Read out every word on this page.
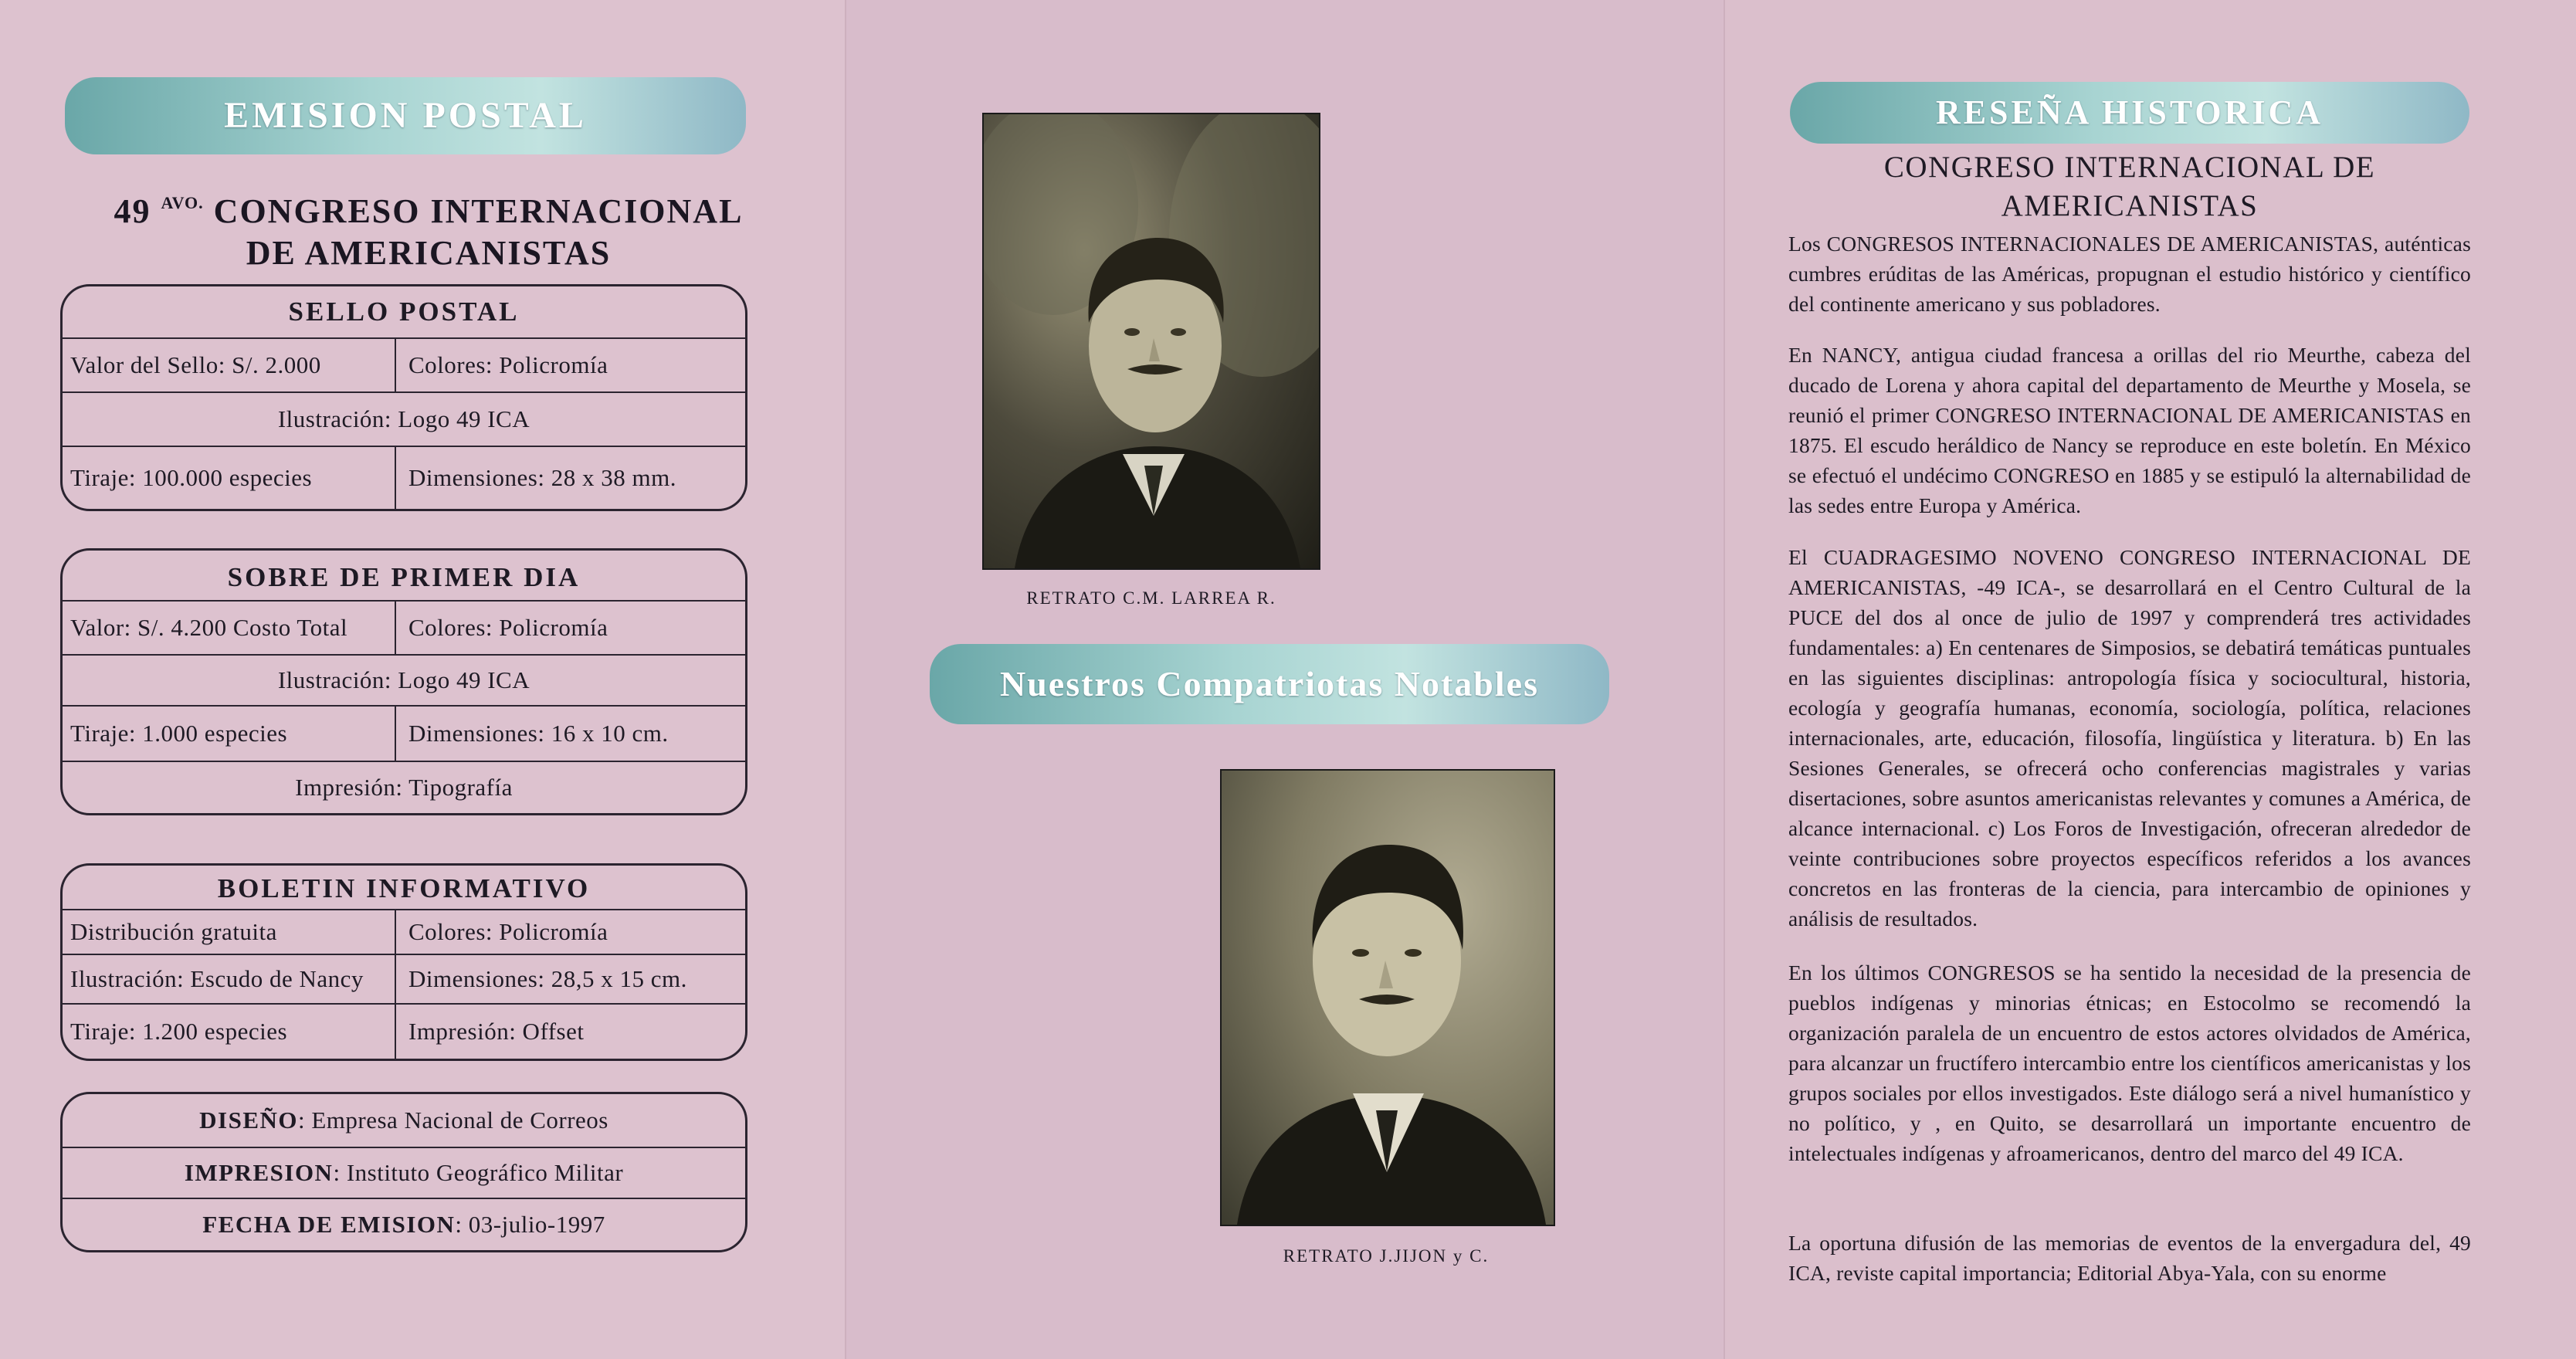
EMISION POSTAL
49 $^{AVO.}$ CONGRESO INTERNACIONAL
DE AMERICANISTAS
SELLO POSTAL
Valor del Sello: S/. 2.000	Colores: Policromía
Ilustración: Logo 49 ICA
Tiraje: 100.000 especies	Dimensiones: 28 x 38 mm.
SOBRE DE PRIMER DIA
Valor: S/. 4.200 Costo Total	Colores: Policromía
Ilustración: Logo 49 ICA
Tiraje: 1.000 especies	Dimensiones: 16 x 10 cm.
Impresión: Tipografía
BOLETIN INFORMATIVO
Distribución gratuita	Colores: Policromía
Ilustración: Escudo de Nancy	Dimensiones: 28,5 x 15 cm.
Tiraje: 1.200 especies	Impresión: Offset
DISEÑO : Empresa Nacional de Correos
IMPRESION : Instituto Geográfico Militar
FECHA DE EMISION : 03-julio-1997
RETRATO C.M. LARREA R.
Nuestros Compatriotas Notables
RETRATO J.JIJON y C.
RESEÑA HISTORICA
CONGRESO INTERNACIONAL DE
AMERICANISTAS
Los CONGRESOS INTERNACIONALES DE AMERICANISTAS, auténticas cumbres erúditas de las Américas, propugnan el estudio histórico y científico del continente americano y sus pobladores.
En NANCY, antigua ciudad francesa a orillas del rio Meurthe, cabeza del ducado de Lorena y ahora capital del departamento de Meurthe y Mosela, se reunió el primer CONGRESO INTERNACIONAL DE AMERICANISTAS en 1875. El escudo heráldico de Nancy se reproduce en este boletín. En México se efectuó el undécimo CONGRESO en 1885 y se estipuló la alternabilidad de las sedes entre Europa y América.
El CUADRAGESIMO NOVENO CONGRESO INTERNACIONAL DE AMERICANISTAS, -49 ICA-, se desarrollará en el Centro Cultural de la PUCE del dos al once de julio de 1997 y comprenderá tres actividades fundamentales: a) En centenares de Simposios, se debatirá temáticas puntuales en las siguientes disciplinas: antropología física y sociocultural, historia, ecología y geografía humanas, economía, sociología, política, relaciones internacionales, arte, educación, filosofía, lingüística y literatura. b) En las Sesiones Generales, se ofrecerá ocho conferencias magistrales y varias disertaciones, sobre asuntos americanistas relevantes y comunes a América, de alcance internacional. c) Los Foros de Investigación, ofreceran alrededor de veinte contribuciones sobre proyectos específicos referidos a los avances concretos en las fronteras de la ciencia, para intercambio de opiniones y análisis de resultados.
En los últimos CONGRESOS se ha sentido la necesidad de la presencia de pueblos indígenas y minorias étnicas; en Estocolmo se recomendó la organización paralela de un encuentro de estos actores olvidados de América, para alcanzar un fructífero intercambio entre los científicos americanistas y los grupos sociales por ellos investigados. Este diálogo será a nivel humanístico y no político, y , en Quito, se desarrollará un importante encuentro de intelectuales indígenas y afroamericanos, dentro del marco del 49 ICA.
La oportuna difusión de las memorias de eventos de la envergadura del, 49 ICA, reviste capital importancia; Editorial Abya-Yala, con su enorme
